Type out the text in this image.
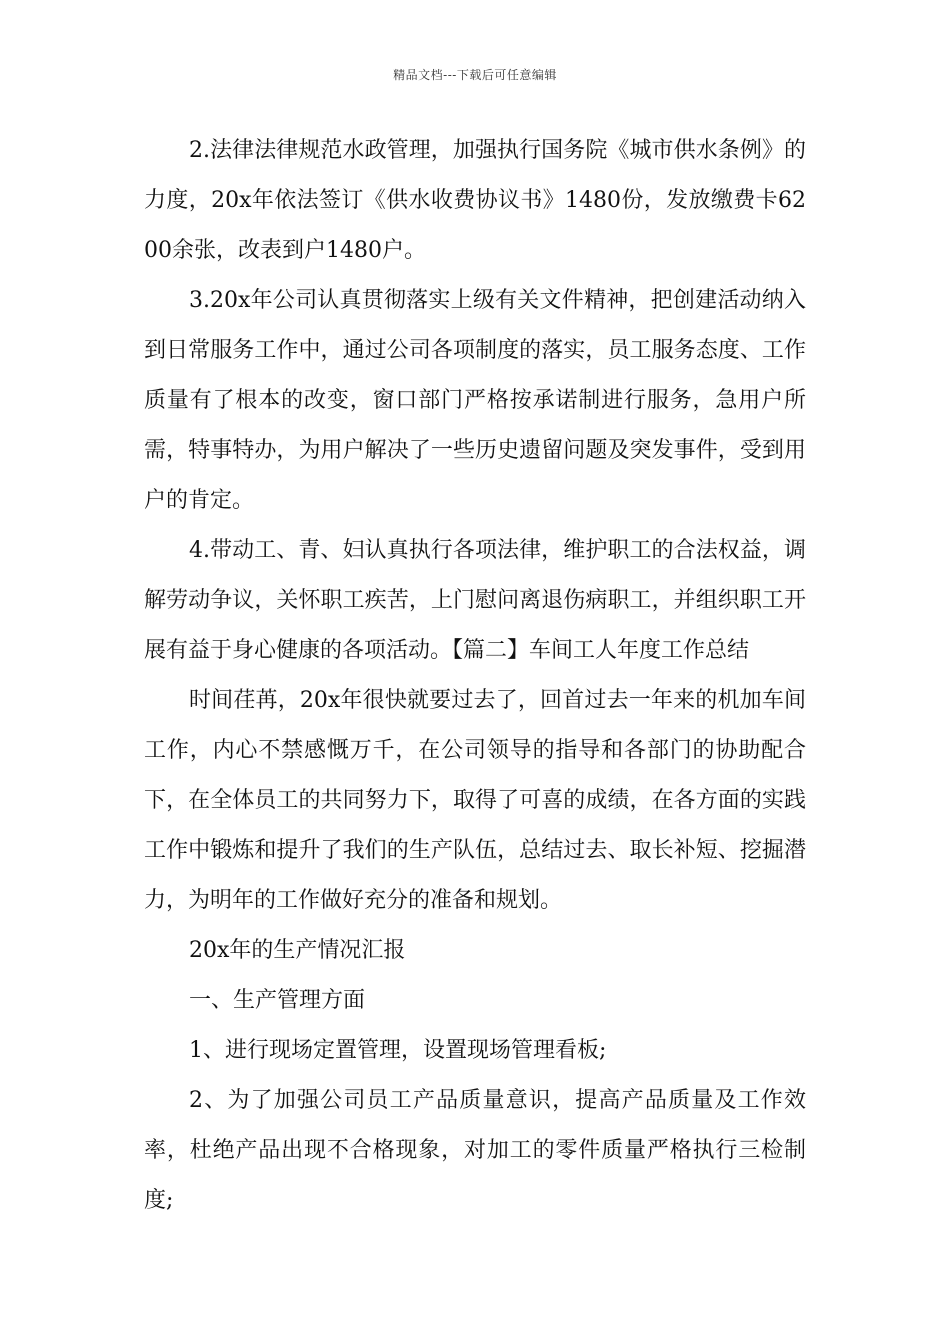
精品文档---下载后可任意编辑

2.法律法律规范水政管理，加强执行国务院《城市供水条例》的力度，20x年依法签订《供水收费协议书》1480份，发放缴费卡6200余张，改表到户1480户。

3.20x年公司认真贯彻落实上级有关文件精神，把创建活动纳入到日常服务工作中，通过公司各项制度的落实，员工服务态度、工作质量有了根本的改变，窗口部门严格按承诺制进行服务，急用户所需，特事特办，为用户解决了一些历史遗留问题及突发事件，受到用户的肯定。

4.带动工、青、妇认真执行各项法律，维护职工的合法权益，调解劳动争议，关怀职工疾苦，上门慰问离退伤病职工，并组织职工开展有益于身心健康的各项活动。【篇二】车间工人年度工作总结

时间荏苒，20x年很快就要过去了，回首过去一年来的机加车间工作，内心不禁感慨万千，在公司领导的指导和各部门的协助配合下，在全体员工的共同努力下，取得了可喜的成绩，在各方面的实践工作中锻炼和提升了我们的生产队伍，总结过去、取长补短、挖掘潜力，为明年的工作做好充分的准备和规划。

20x年的生产情况汇报

一、生产管理方面

1、进行现场定置管理，设置现场管理看板;

2、为了加强公司员工产品质量意识，提高产品质量及工作效率，杜绝产品出现不合格现象，对加工的零件质量严格执行三检制度;
